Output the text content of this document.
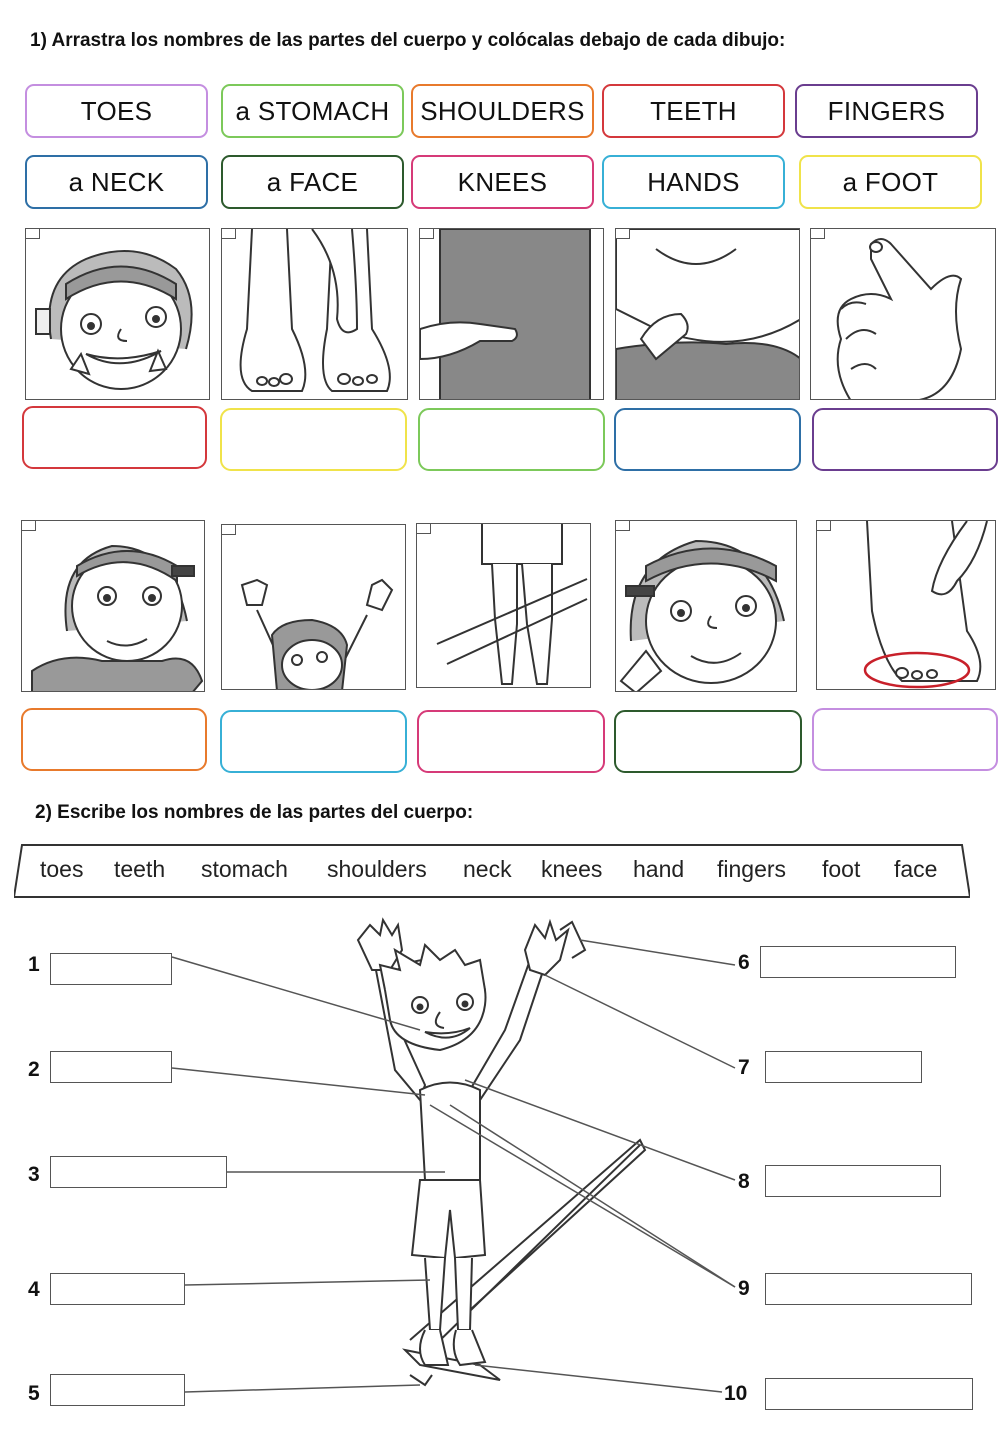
1) Arrastra los nombres de las partes del cuerpo y colócalas debajo de cada dibujo:
TOES	a STOMACH	SHOULDERS	TEETH	FINGERS
a NECK	a FACE	KNEES	HANDS	a FOOT
2) Escribe los nombres de las partes del cuerpo:
toes teeth stomach shoulders neck knees hand fingers foot face
1
2
3
4
5
6
7
8
9
10
